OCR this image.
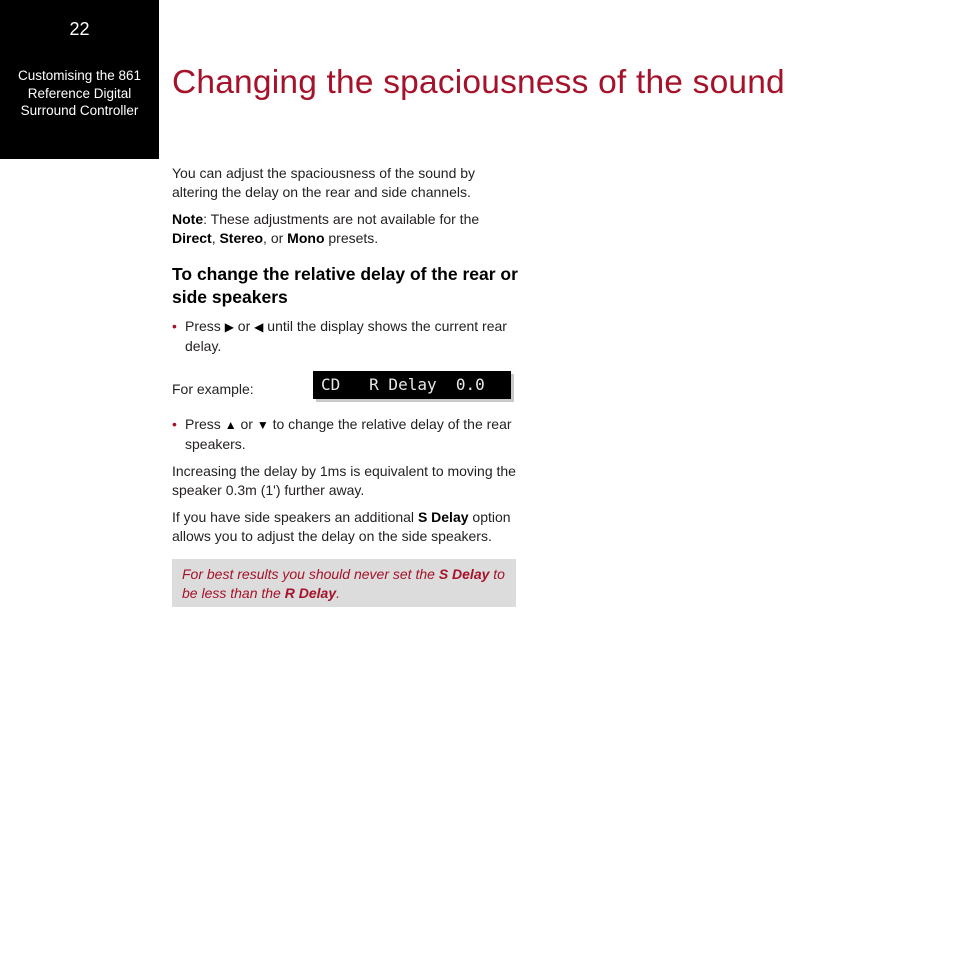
22
Customising the 861
Reference Digital
Surround Controller
Changing the spaciousness of the sound

You can adjust the spaciousness of the sound by altering the delay on the rear and side channels.

Note: These adjustments are not available for the Direct, Stereo, or Mono presets.

To change the relative delay of the rear or side speakers
• Press ▶ or ◀ until the display shows the current rear delay.
For example:	CD   R Delay  0.0
• Press ▲ or ▼ to change the relative delay of the rear speakers.

Increasing the delay by 1ms is equivalent to moving the speaker 0.3m (1') further away.

If you have side speakers an additional S Delay option allows you to adjust the delay on the side speakers.

For best results you should never set the S Delay to be less than the R Delay.
